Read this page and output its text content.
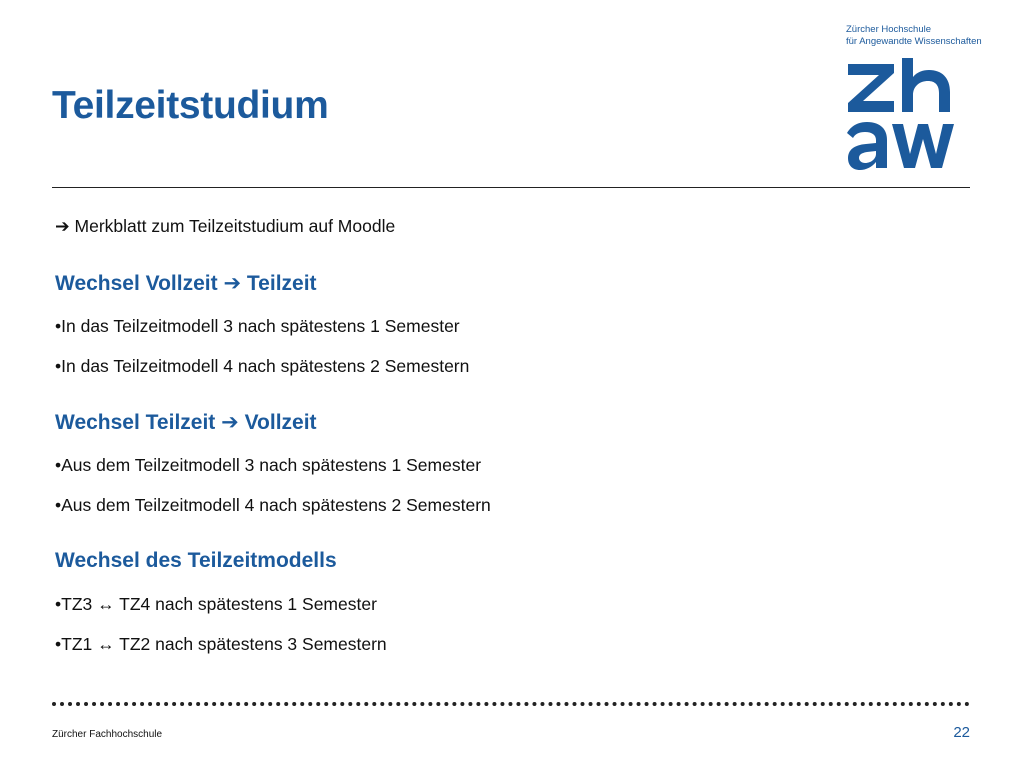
Teilzeitstudium
Zürcher Hochschule
für Angewandte Wissenschaften
➔ Merkblatt zum Teilzeitstudium auf Moodle
Wechsel Vollzeit ➔ Teilzeit
•In das Teilzeitmodell 3 nach spätestens 1 Semester
•In das Teilzeitmodell 4 nach spätestens 2 Semestern
Wechsel Teilzeit ➔ Vollzeit
•Aus dem Teilzeitmodell 3 nach spätestens 1 Semester
•Aus dem Teilzeitmodell 4 nach spätestens 2 Semestern
Wechsel des Teilzeitmodells
•TZ3 ↔ TZ4 nach spätestens 1 Semester
•TZ1 ↔ TZ2 nach spätestens 3 Semestern
Zürcher Fachhochschule	22
